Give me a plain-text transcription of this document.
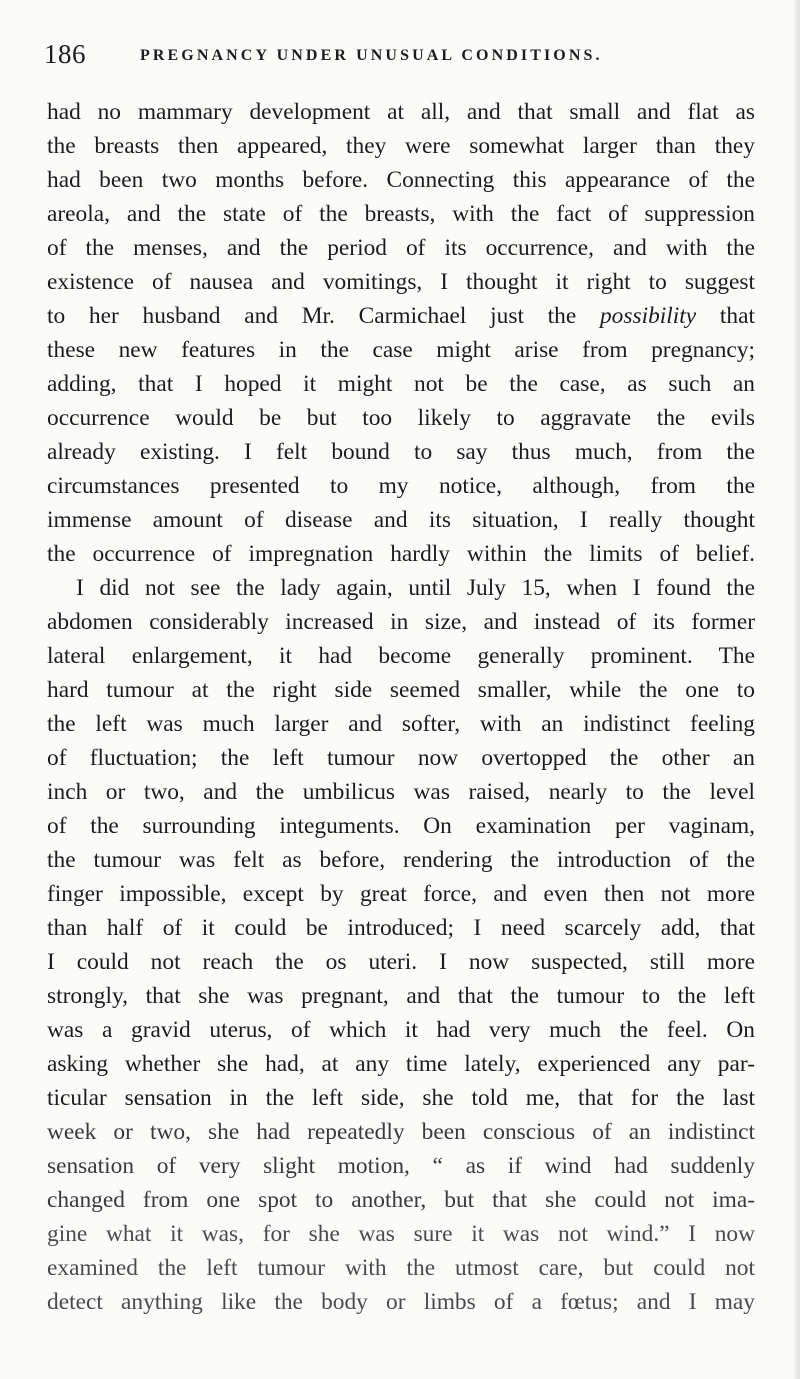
186	PREGNANCY UNDER UNUSUAL CONDITIONS.
had no mammary development at all, and that small and flat as
the breasts then appeared, they were somewhat larger than they
had been two months before. Connecting this appearance of the
areola, and the state of the breasts, with the fact of suppression
of the menses, and the period of its occurrence, and with the
existence of nausea and vomitings, I thought it right to suggest
to her husband and Mr. Carmichael just the possibility that
these new features in the case might arise from pregnancy;
adding, that I hoped it might not be the case, as such an
occurrence would be but too likely to aggravate the evils
already existing. I felt bound to say thus much, from the
circumstances presented to my notice, although, from the
immense amount of disease and its situation, I really thought
the occurrence of impregnation hardly within the limits of belief.
I did not see the lady again, until July 15, when I found the
abdomen considerably increased in size, and instead of its former
lateral enlargement, it had become generally prominent. The
hard tumour at the right side seemed smaller, while the one to
the left was much larger and softer, with an indistinct feeling
of fluctuation; the left tumour now overtopped the other an
inch or two, and the umbilicus was raised, nearly to the level
of the surrounding integuments. On examination per vaginam,
the tumour was felt as before, rendering the introduction of the
finger impossible, except by great force, and even then not more
than half of it could be introduced; I need scarcely add, that
I could not reach the os uteri. I now suspected, still more
strongly, that she was pregnant, and that the tumour to the left
was a gravid uterus, of which it had very much the feel. On
asking whether she had, at any time lately, experienced any par-
ticular sensation in the left side, she told me, that for the last
week or two, she had repeatedly been conscious of an indistinct
sensation of very slight motion, “ as if wind had suddenly
changed from one spot to another, but that she could not ima-
gine what it was, for she was sure it was not wind.” I now
examined the left tumour with the utmost care, but could not
detect anything like the body or limbs of a fœtus; and I may
